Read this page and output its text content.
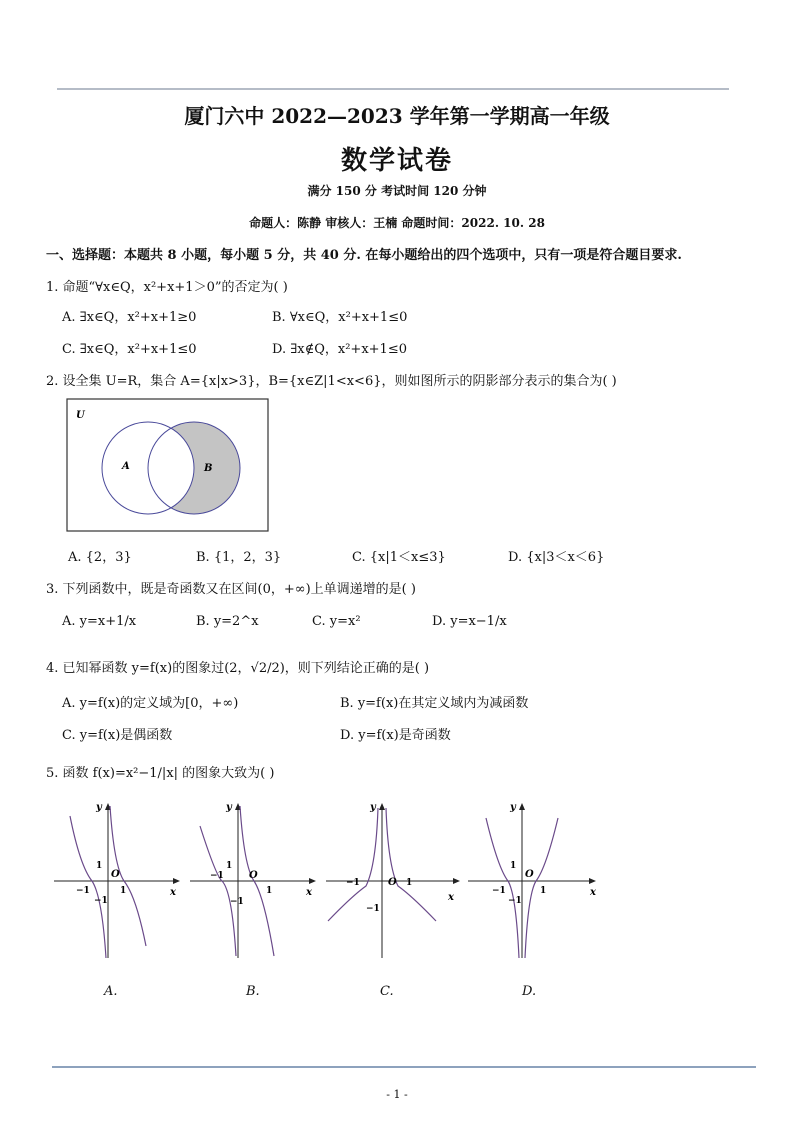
厦门六中 2022—2023 学年第一学期高一年级
数学试卷
满分 150 分 考试时间 120 分钟
命题人：陈静 审核人：王楠 命题时间：2022. 10. 28
一、选择题：本题共 8 小题，每小题 5 分，共 40 分. 在每小题给出的四个选项中，只有一项是符合题目要求.
1. 命题“∀x∈Q，x²+x+1＞0”的否定为( )
A. ∃x∈Q，x²+x+1≥0	B. ∀x∈Q，x²+x+1≤0
C. ∃x∈Q，x²+x+1≤0	D. ∃x∉Q，x²+x+1≤0
2. 设全集 U=R，集合 A={x|x>3}，B={x∈Z|1<x<6}，则如图所示的阴影部分表示的集合为( )
U
A	B
A. {2，3}	B. {1，2，3}	C. {x|1＜x≤3}	D. {x|3＜x＜6}
3. 下列函数中，既是奇函数又在区间(0，+∞)上单调递增的是( )
A. y=x+1/x	B. y=2^x	C. y=x²	D. y=x−1/x
4. 已知幂函数 y=f(x)的图象过(2，√2/2)，则下列结论正确的是( )
A. y=f(x)的定义域为[0，+∞)	B. y=f(x)在其定义域内为减函数
C. y=f(x)是偶函数	D. y=f(x)是奇函数
5. 函数 f(x)=x²−1/|x| 的图象大致为( )
y
x
O
1
−1	1
−1
y
x
O
1
−1
1
−1
y
x
O
−1	1
−1
y
x
O
1
−1	1
−1
A.	B.	C.	D.
- 1 -
